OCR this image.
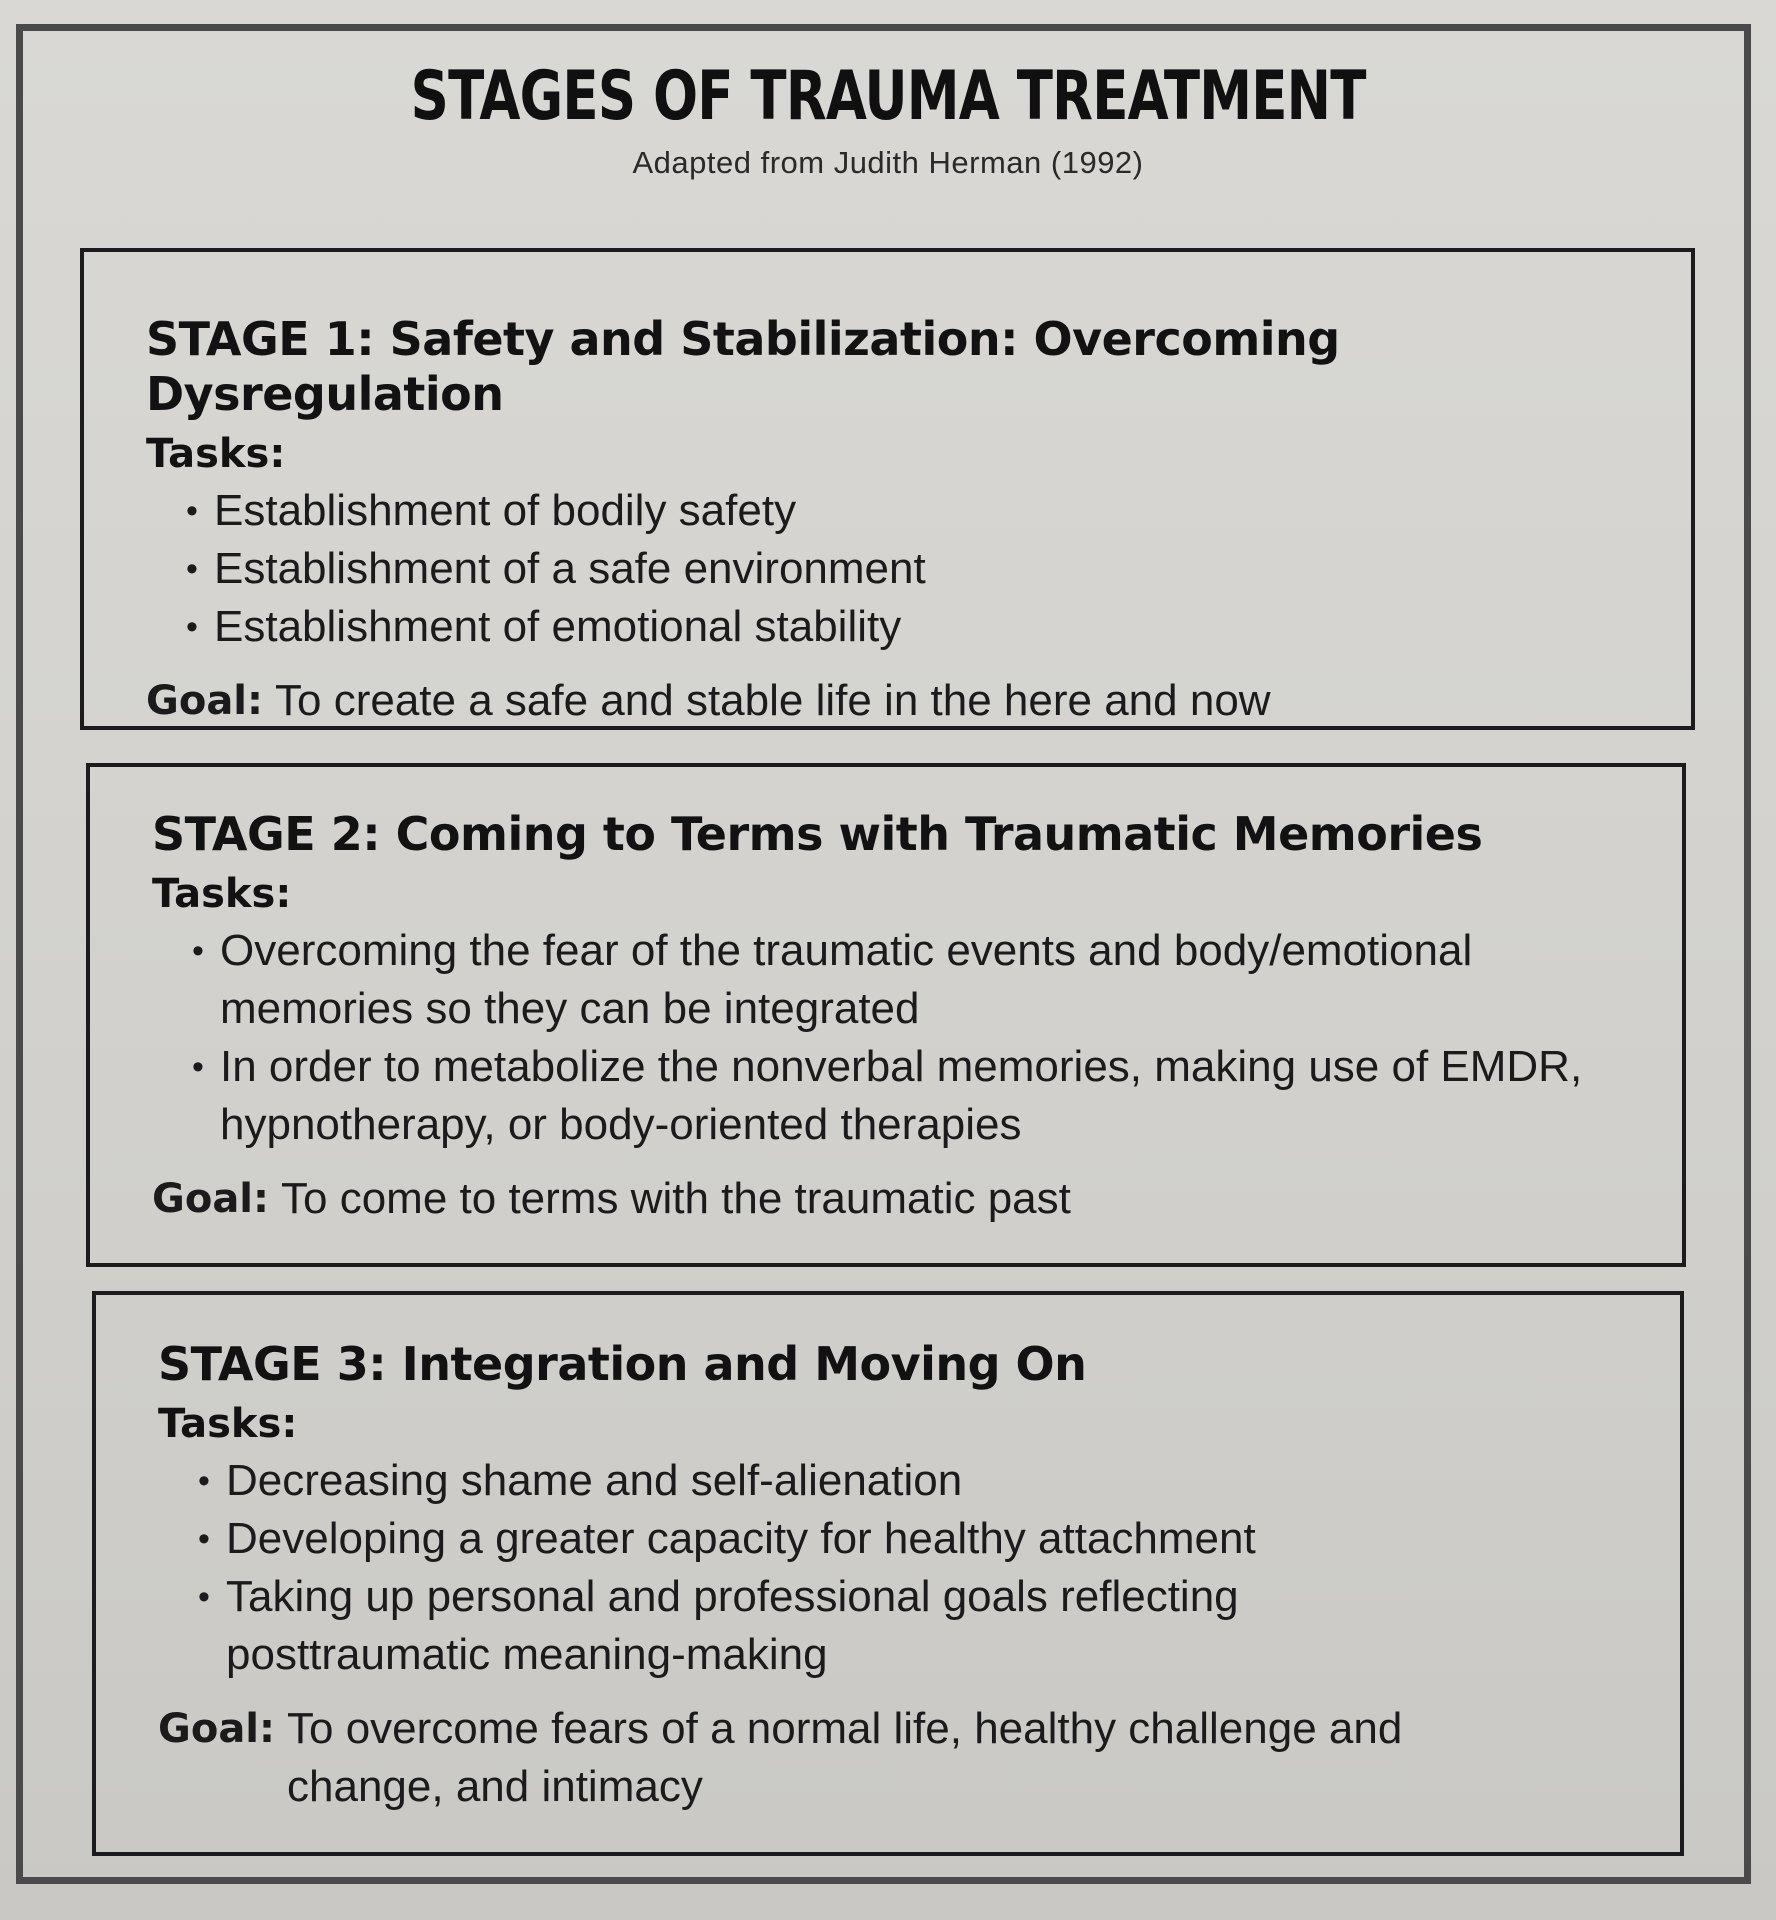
STAGES OF TRAUMA TREATMENT
Adapted from Judith Herman (1992)
STAGE 1: Safety and Stabilization: Overcoming Dysregulation
Tasks:
• Establishment of bodily safety
• Establishment of a safe environment
• Establishment of emotional stability
Goal: To create a safe and stable life in the here and now
STAGE 2: Coming to Terms with Traumatic Memories
Tasks:
• Overcoming the fear of the traumatic events and body/emotional memories so they can be integrated
• In order to metabolize the nonverbal memories, making use of EMDR, hypnotherapy, or body-oriented therapies
Goal: To come to terms with the traumatic past
STAGE 3: Integration and Moving On
Tasks:
• Decreasing shame and self-alienation
• Developing a greater capacity for healthy attachment
• Taking up personal and professional goals reflecting posttraumatic meaning-making
Goal: To overcome fears of a normal life, healthy challenge and change, and intimacy
